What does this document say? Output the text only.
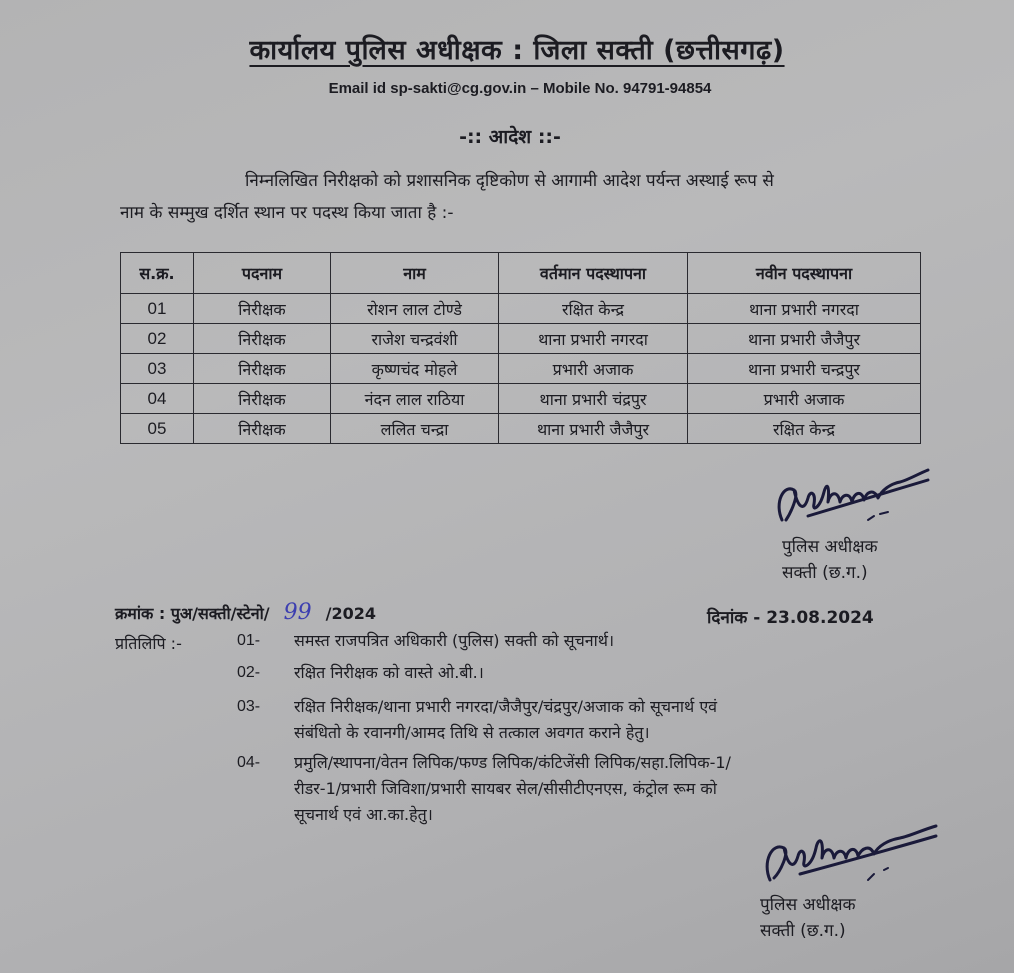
कार्यालय पुलिस अधीक्षक : जिला सक्ती (छत्तीसगढ़)
Email id sp-sakti@cg.gov.in – Mobile No. 94791-94854
-:: आदेश ::-
निम्नलिखित निरीक्षको को प्रशासनिक दृष्टिकोण से आगामी आदेश पर्यन्त अस्थाई रूप से
नाम के सम्मुख दर्शित स्थान पर पदस्थ किया जाता है :-
स.क्र.	पदनाम	नाम	वर्तमान पदस्थापना	नवीन पदस्थापना
01	निरीक्षक	रोशन लाल टोण्डे	रक्षित केन्द्र	थाना प्रभारी नगरदा
02	निरीक्षक	राजेश चन्द्रवंशी	थाना प्रभारी नगरदा	थाना प्रभारी जैजैपुर
03	निरीक्षक	कृष्णचंद मोहले	प्रभारी अजाक	थाना प्रभारी चन्द्रपुर
04	निरीक्षक	नंदन लाल राठिया	थाना प्रभारी चंद्रपुर	प्रभारी अजाक
05	निरीक्षक	ललित चन्द्रा	थाना प्रभारी जैजैपुर	रक्षित केन्द्र
पुलिस अधीक्षक
सक्ती (छ.ग.)
क्रमांक : पुअ/सक्ती/स्टेनो/ 99 /2024	दिनांक - 23.08.2024
प्रतिलिपि :-	01- समस्त राजपत्रित अधिकारी (पुलिस) सक्ती को सूचनार्थ।
02- रक्षित निरीक्षक को वास्ते ओ.बी.।
03- रक्षित निरीक्षक/थाना प्रभारी नगरदा/जैजैपुर/चंद्रपुर/अजाक को सूचनार्थ एवं
संबंधितो के रवानगी/आमद तिथि से तत्काल अवगत कराने हेतु।
04- प्रमुलि/स्थापना/वेतन लिपिक/फण्ड लिपिक/कंटिजेंसी लिपिक/सहा.लिपिक-1/
रीडर-1/प्रभारी जिविशा/प्रभारी सायबर सेल/सीसीटीएनएस, कंट्रोल रूम को
सूचनार्थ एवं आ.का.हेतु।
पुलिस अधीक्षक
सक्ती (छ.ग.)
